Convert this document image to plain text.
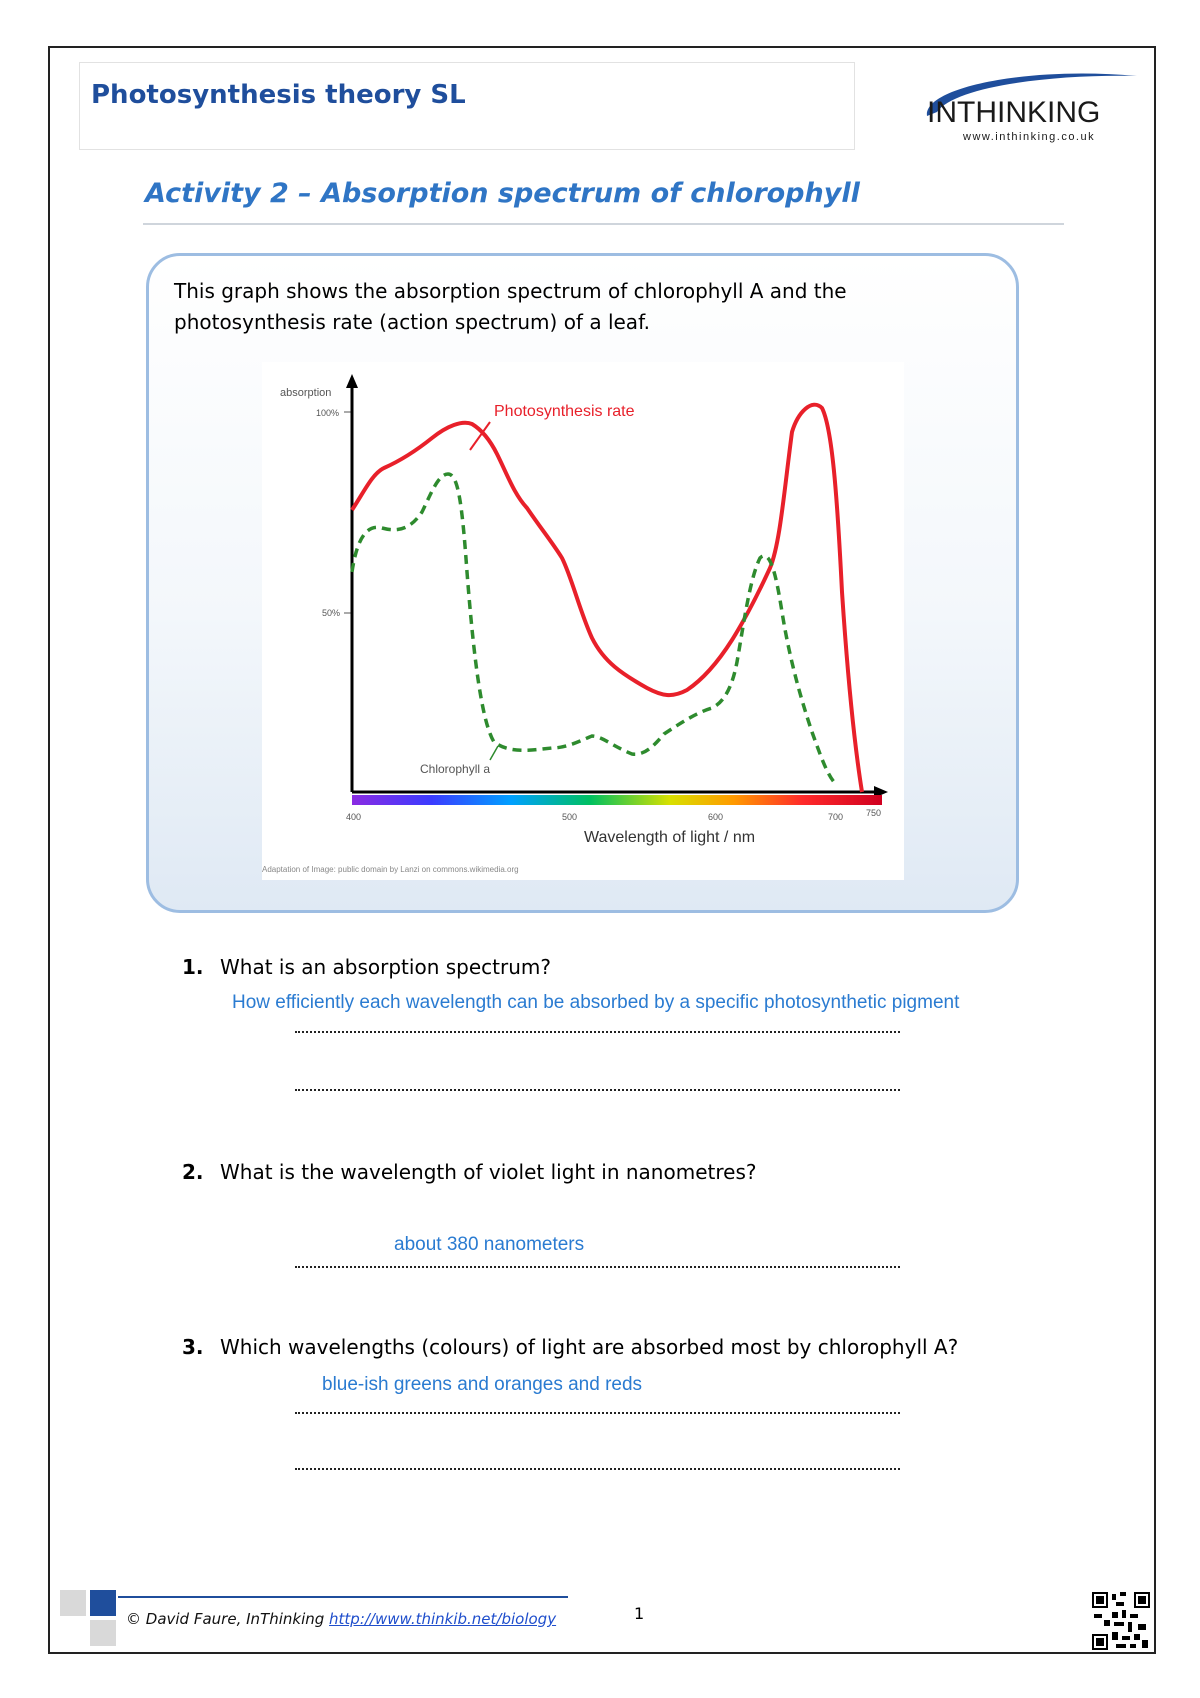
Photosynthesis theory SL
INTHINKING
www.inthinking.co.uk
Activity 2 – Absorption spectrum of chlorophyll
This graph shows the absorption spectrum of chlorophyll A and the photosynthesis rate (action spectrum) of a leaf.
absorption
100%
50%
400	500	600	700	750
Wavelength of light / nm
Photosynthesis rate
Chlorophyll a
Adaptation of Image: public domain by Lanzi on commons.wikimedia.org
1. What is an absorption spectrum?
How efficiently each wavelength can be absorbed by a specific photosynthetic pigment
2. What is the wavelength of violet light in nanometres?
about 380 nanometers
3. Which wavelengths (colours) of light are absorbed most by chlorophyll A?
blue-ish greens and oranges and reds
© David Faure, InThinking http://www.thinkib.net/biology	1
